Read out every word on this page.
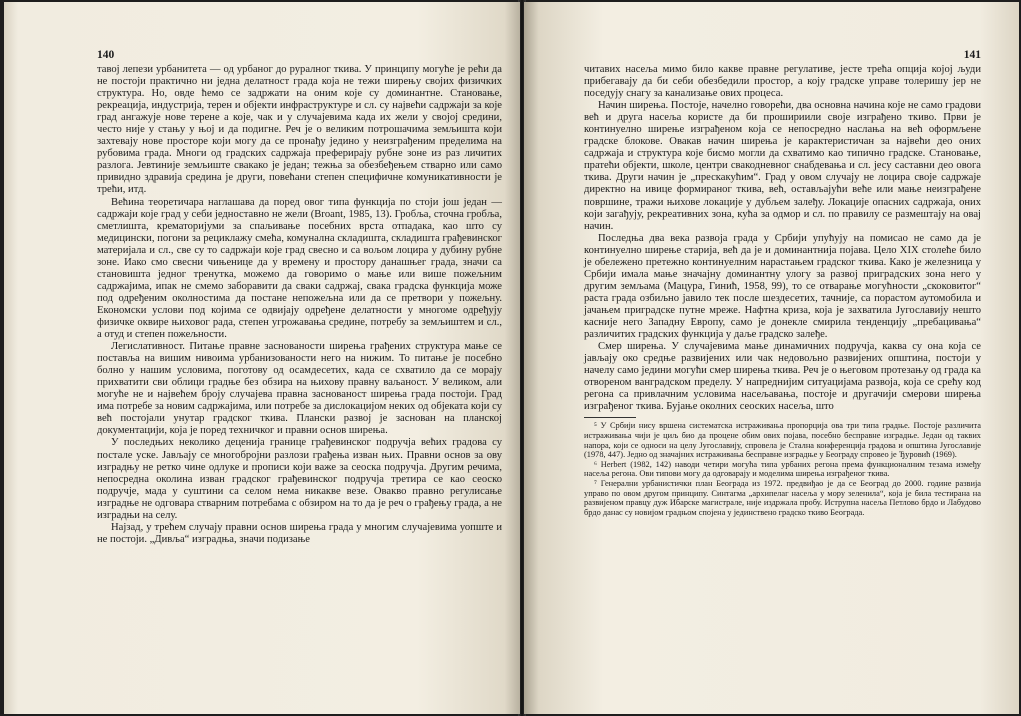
140

тавој лепези урбанитета — од урбаног до руралног ткива. У принципу могуће је рећи да не постоји практично ни једна делатност града која не тежи ширењу својих физичких структура. Но, овде ћемо се задржати на оним које су доминантне. Становање, рекреација, индустрија, терен и објекти инфраструктуре и сл. су највећи садржаји за које град ангажује нове терене а које, чак и у случајевима када их жели у својој средини, често није у стању у њој и да подигне. Реч је о великим потрошачима земљишта који захтевају нове просторе који могу да се пронађу једино у неизграђеним пределима на рубовима града. Многи од градских садржаја преферирају рубне зоне из раз личитих разлога. Јевтиније земљиште свакако је један; тежња за обезбеђењем стварно или само привидно здравија средина је други, повећани степен специфичне комуникативности је трећи, итд.

Већина теоретичара наглашава да поред овог типа функција по стоји још један — садржаји које град у себи једноставно не жели (Broant, 1985, 13). Гробља, сточна гробља, сметлишта, крематоријуми за спаљивање посебних врста отпадака, као што су медицински, погони за рециклажу смећа, комунална складишта, складишта грађевинског материјала и сл., све су то садржаји које град свесно и са вољом лоцира у дубину рубне зоне. Иако смо свесни чињенице да у времену и простору данашњег града, значи са становишта једног тренутка, можемо да говоримо о мање или више пожељним садржајима, ипак не смемо заборавити да сваки садржај, свака градска функција може под одређеним околностима да постане непожељна или да се претвори у пожељну. Економски услови под којима се одвијају одређене делатности у многоме одређују физичке оквире њиховог рада, степен угрожавања средине, потребу за земљиштем и сл., а отуд и степен пожељности.

Легислативност. Питање правне засновaности ширења грађених структура мање се поставља на вишим нивоима урбанизованости него на нижим. То питање је посебно болно у нашим условима, поготову од осамдесетих, када се схватило да се морају прихватити сви облици градње без обзира на њихову правну ваљаност. У великом, али могуће не и највећем броју случајева правна заснованост ширења града постоји. Град има потребе за новим садржајима, или потребе за дислокацијом неких од објеката који су већ постојали унутар градског ткива. Плански развој је заснован на планској документацији, која је поред техничког и правни основ ширења.

У последњих неколико деценија границе грађевинског подручја већих градова су постале уске. Јављају се многобројни разлози грађења изван њих. Правни основ за ову изградњу не ретко чине одлуке и прописи који важе за сеоска подручја. Другим речима, непосредна околина изван градског грађевинског подручја третира се као сеоско подручје, мада у суштини са селом нема никакве везе. Овакво правно регулисање изградње не одговара стварним потребама с обзиром на то да је реч о грађењу града, а не изградњи на селу.

Најзад, у трећем случају правни основ ширења града у многим случајевима уопште и не постоји. „Дивља“ изградња, значи подизање

141

читавих насеља мимо било какве правне регулативе, јесте трећа опција којој људи прибегавају да би себи обезбедили простор, а коју градске управе толеришу јер не поседују снагу за канализање ових процеса.

Начин ширења. Постоје, начелно говорећи, два основна начина које не само градови већ и друга насеља користе да би прошириили своје изграђено ткиво. Први је континуелно ширење изграђеном која се непосредно наслања на већ оформљене градске блокове. Овакав начин ширења је карактеристичан за највећи део оних садржаја и структура које бисмо могли да схватимо као типично градске. Становање, пратећи објекти, школе, центри свакодневног снабдевања и сл. јесу саставни део овога ткива. Други начин је „прескакућим“. Град у овом случају не лоцира своје садржаје директно на ивице формираног ткива, већ, остављајући веће или мање неизграђене површине, тражи њихове локације у дубљем залеђу. Локације опасних садржаја, оних који загађују, рекреативних зона, кућа за одмор и сл. по правилу се размештају на овај начин.

Последња два века развоја града у Србији упућују на помисао не само да је континуелно ширење старија, већ да је и доминантнија појава. Цело XIX столеће било је обележено претежно континуелним нарастањем градског ткива. Како је железница у Србији имала мање значајну доминантну улогу за развој приградских зона него у другим земљама (Мацура, Гинић, 1958, 99), то се отварање могућности „скоковитог“ раста града озбиљно јавило тек после шездесетих, тачније, са порастом аутомобила и јачањем приградске путне мреже. Нафтна криза, која је захватила Југославију нешто касније него Западну Европу, само је донекле смирила тенденцију „пребацивања“ различитих градских функција у даље градско залеђе.

Смер ширења. У случајевима мање динамичних подручја, каква су она која се јављају око средње развијених или чак недовољно развијених општина, постоји у начелу само једини могући смер ширења ткива. Реч је о његовом протезању од града ка отвореном ванградском пределу. У напреднијим ситуацијама развоја, која се срећу код регона са привлачним условима насељавања, постоје и другачији смерови ширења изграђеног ткива. Бујање околних сеоских насеља, што

⁵ У Србији нису вршена систематска истраживања пропорција ова три типа градње. Постоје различита истраживања чији је циљ био да процене обим ових појава, посебно бесправне изградње. Један од таквих напора, који се односи на целу Југославију, спровела је Стална конференција градова и општина Југославије (1978, 447). Једно од значајних истраживања бесправне изградње у Београду спровео је Ђуровић (1969).

⁶ Herbert (1982, 142) наводи четири могућа типа урбаних регона према функционалним тезама између насеља регона. Ови типови могу да одговарају и моделима ширења изграђеног ткива.

⁷ Генерални урбанистички план Београда из 1972. предвиђао је да се Београд до 2000. године развија управо по овом другом принципу. Синтагма „архипелаг насеља у мору зеленила“, која је била тестирана на развијеном правцу дуж Ибарске магистрале, није издржала пробу. Иструпна насеља Петлово брдо и Лабудово брдо данас су новијом градњом спојена у јединствено градско ткиво Београда.
